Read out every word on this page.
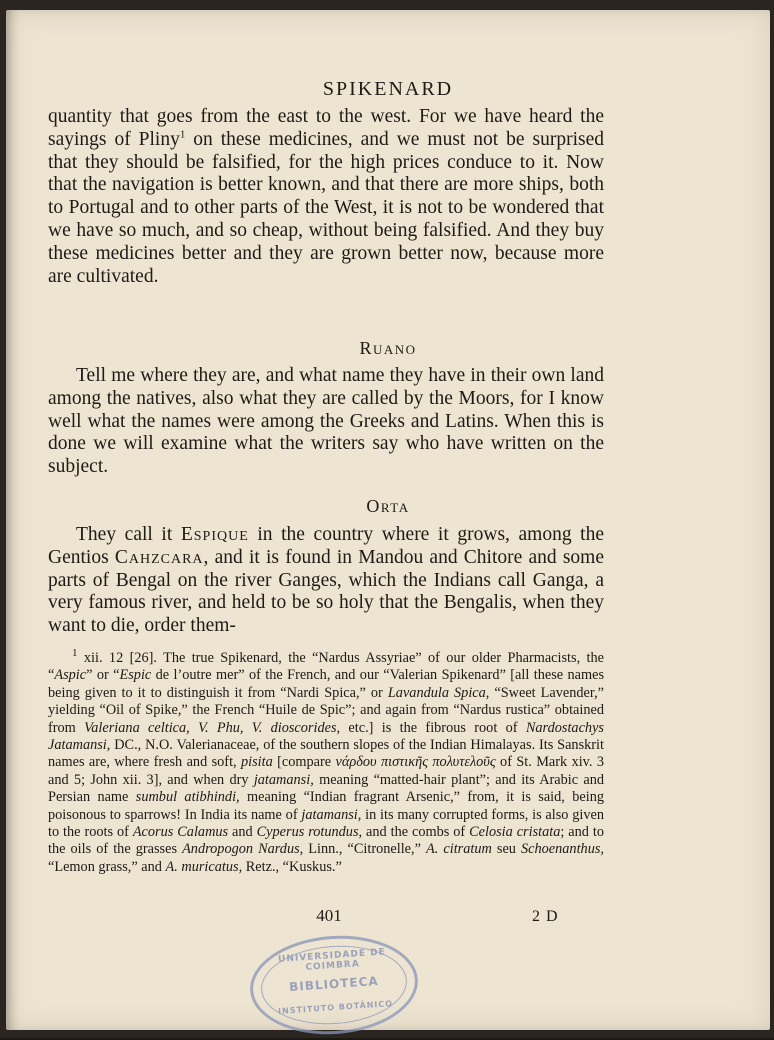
SPIKENARD
quantity that goes from the east to the west. For we have heard the sayings of Pliny$^1$ on these medicines, and we must not be surprised that they should be falsified, for the high prices conduce to it. Now that the navigation is better known, and that there are more ships, both to Portugal and to other parts of the West, it is not to be wondered that we have so much, and so cheap, without being falsified. And they buy these medicines better and they are grown better now, because more are cultivated.
Ruano
Tell me where they are, and what name they have in their own land among the natives, also what they are called by the Moors, for I know well what the names were among the Greeks and Latins. When this is done we will examine what the writers say who have written on the subject.
Orta
They call it Espique in the country where it grows, among the Gentios Cahzcara, and it is found in Mandou and Chitore and some parts of Bengal on the river Ganges, which the Indians call Ganga, a very famous river, and held to be so holy that the Bengalis, when they want to die, order them-
$^1$ xii. 12 [26]. The true Spikenard, the “Nardus Assyriae” of our older Pharmacists, the “Aspic” or “Espic de l’outre mer” of the French, and our “Valerian Spikenard” [all these names being given to it to distinguish it from “Nardi Spica,” or Lavandula Spica, “Sweet Lavender,” yielding “Oil of Spike,” the French “Huile de Spic”; and again from “Nardus rustica” obtained from Valeriana celtica, V. Phu, V. dioscorides, etc.] is the fibrous root of Nardostachys Jatamansi, DC., N.O. Valerianaceae, of the southern slopes of the Indian Himalayas. Its Sanskrit names are, where fresh and soft, pisita [compare νάρδου πιστικῆς πολυτελοῦς of St. Mark xiv. 3 and 5; John xii. 3], and when dry jatamansi, meaning “matted-hair plant”; and its Arabic and Persian name sumbul atibhindi, meaning “Indian fragrant Arsenic,” from, it is said, being poisonous to sparrows! In India its name of jatamansi, in its many corrupted forms, is also given to the roots of Acorus Calamus and Cyperus rotundus, and the combs of Celosia cristata; and to the oils of the grasses Andropogon Nardus, Linn., “Citronelle,” A. citratum seu Schoenanthus, “Lemon grass,” and A. muricatus, Retz., “Kuskus.”
401	2 D
UNIVERSIDADE DE COIMBRA
BIBLIOTECA
INSTITUTO BOTÂNICO
